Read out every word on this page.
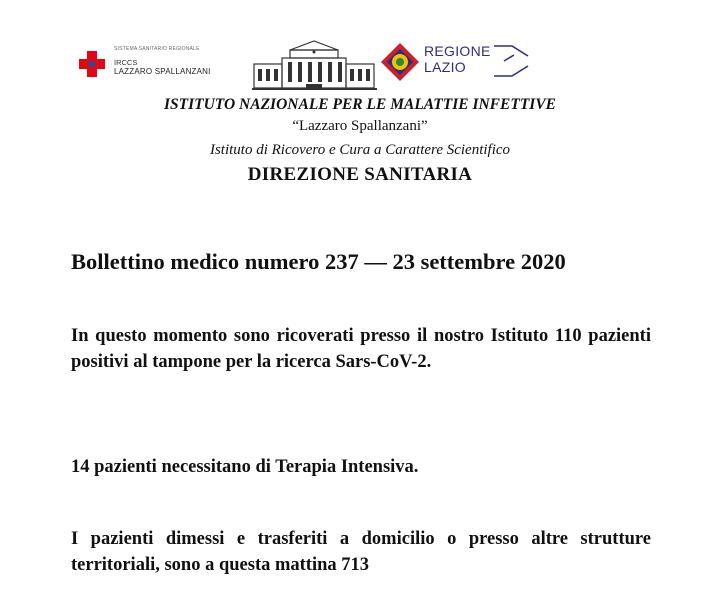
SISTEMA SANITARIO REGIONALE
IRCCS
LAZZARO SPALLANZANI
REGIONE
LAZIO
ISTITUTO NAZIONALE PER LE MALATTIE INFETTIVE
“Lazzaro Spallanzani”
Istituto di Ricovero e Cura a Carattere Scientifico
DIREZIONE SANITARIA
Bollettino medico numero 237 — 23 settembre 2020
In questo momento sono ricoverati presso il nostro Istituto 110 pazienti positivi al tampone per la ricerca Sars-CoV-2.
14 pazienti necessitano di Terapia Intensiva.
I pazienti dimessi e trasferiti a domicilio o presso altre strutture territoriali, sono a questa mattina 713
